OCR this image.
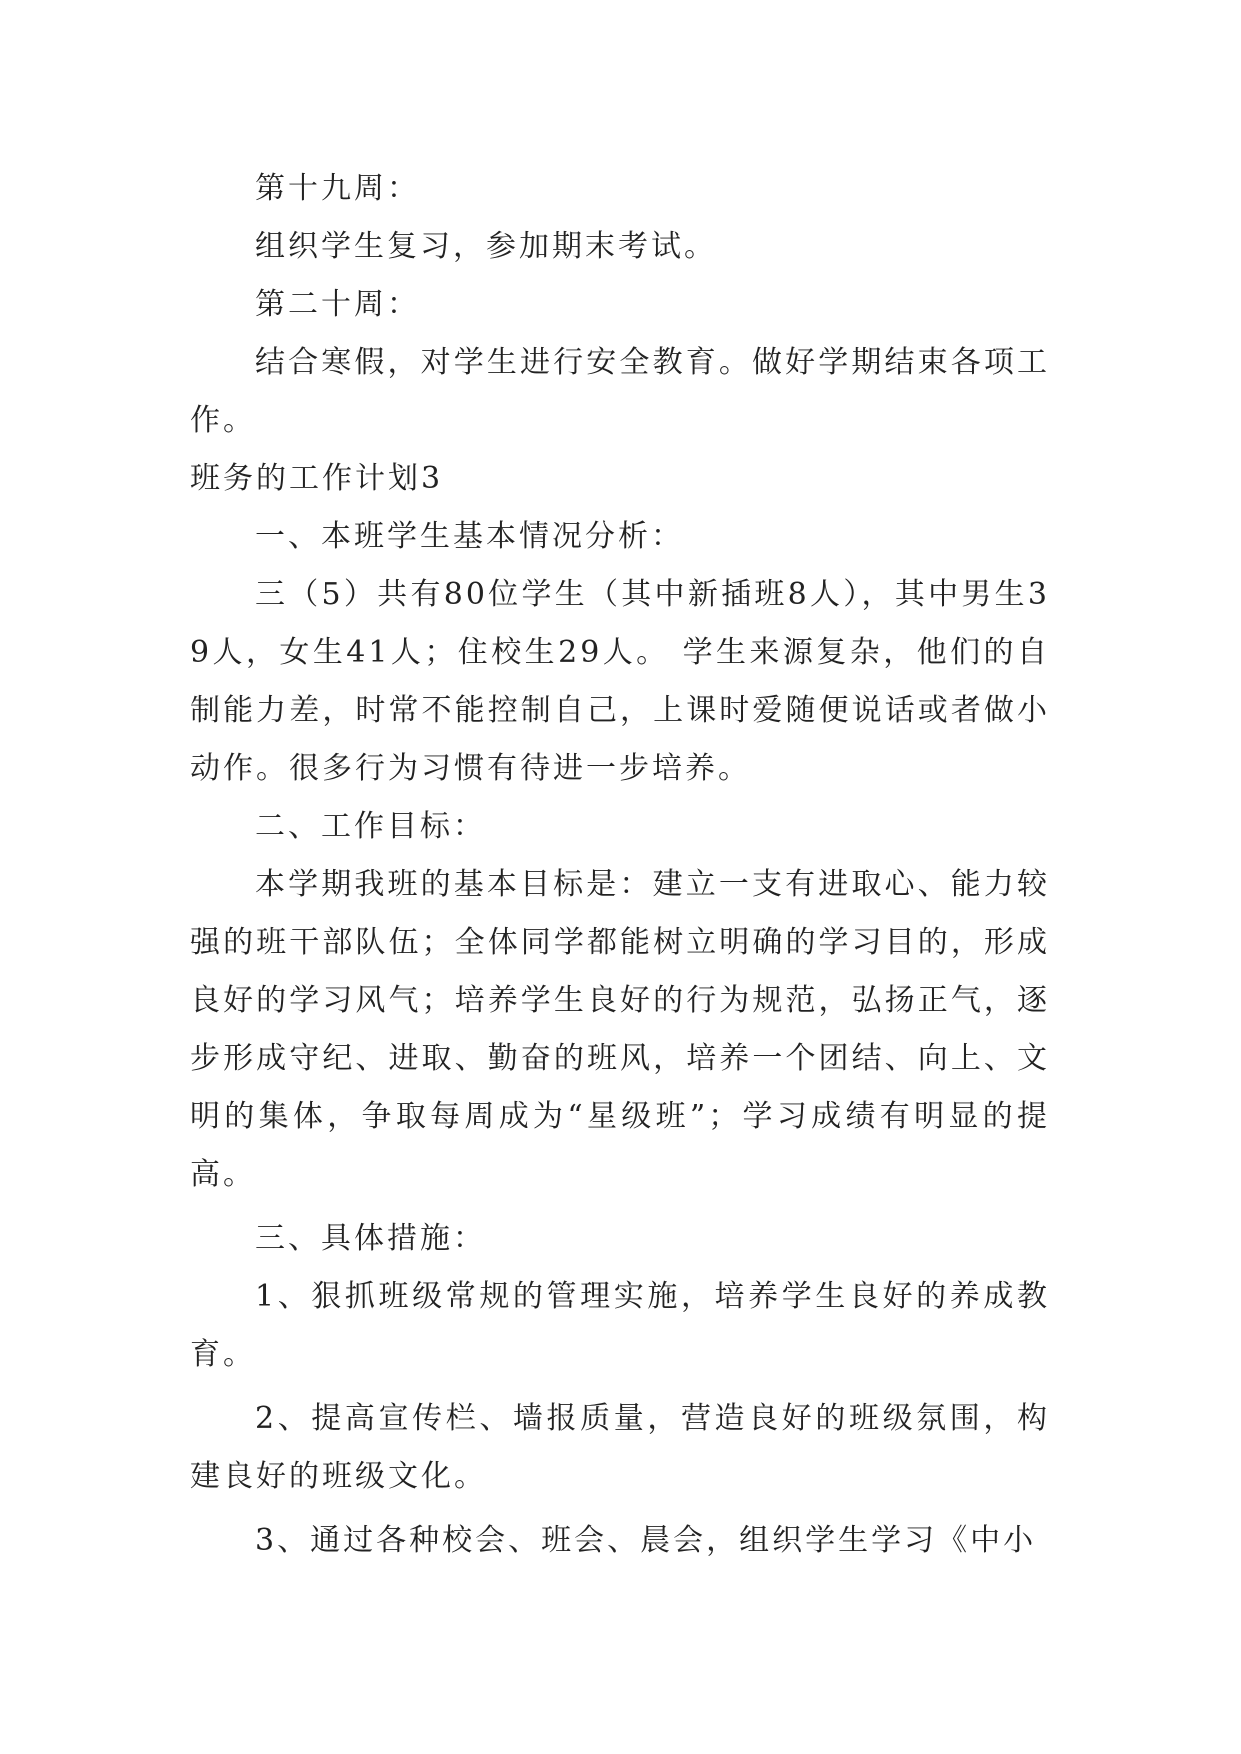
第十九周：

组织学生复习，参加期末考试。

第二十周：

结合寒假，对学生进行安全教育。做好学期结束各项工作。

班务的工作计划3

一、本班学生基本情况分析：

三（5）共有80位学生（其中新插班8人），其中男生39人，女生41人；住校生29人。 学生来源复杂，他们的自制能力差，时常不能控制自己，上课时爱随便说话或者做小动作。很多行为习惯有待进一步培养。

二、工作目标：

本学期我班的基本目标是：建立一支有进取心、能力较强的班干部队伍；全体同学都能树立明确的学习目的，形成良好的学习风气；培养学生良好的行为规范，弘扬正气，逐步形成守纪、进取、勤奋的班风，培养一个团结、向上、文明的集体，争取每周成为“星级班”；学习成绩有明显的提高。

三、具体措施：

1、狠抓班级常规的管理实施，培养学生良好的养成教育。

2、提高宣传栏、墙报质量，营造良好的班级氛围，构建良好的班级文化。

3、通过各种校会、班会、晨会，组织学生学习《中小
